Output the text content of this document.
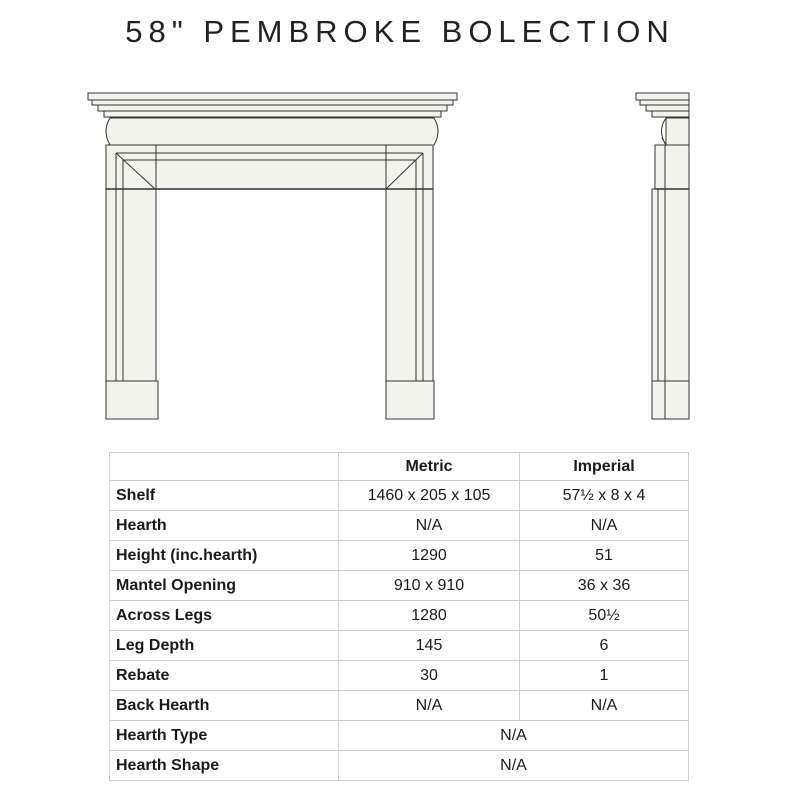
58" PEMBROKE BOLECTION
	Metric	Imperial
Shelf	1460 x 205 x 105	57½ x 8 x 4
Hearth	N/A	N/A
Height (inc.hearth)	1290	51
Mantel Opening	910 x 910	36 x 36
Across Legs	1280	50½
Leg Depth	145	6
Rebate	30	1
Back Hearth	N/A	N/A
Hearth Type	N/A	
Hearth Shape	N/A	
